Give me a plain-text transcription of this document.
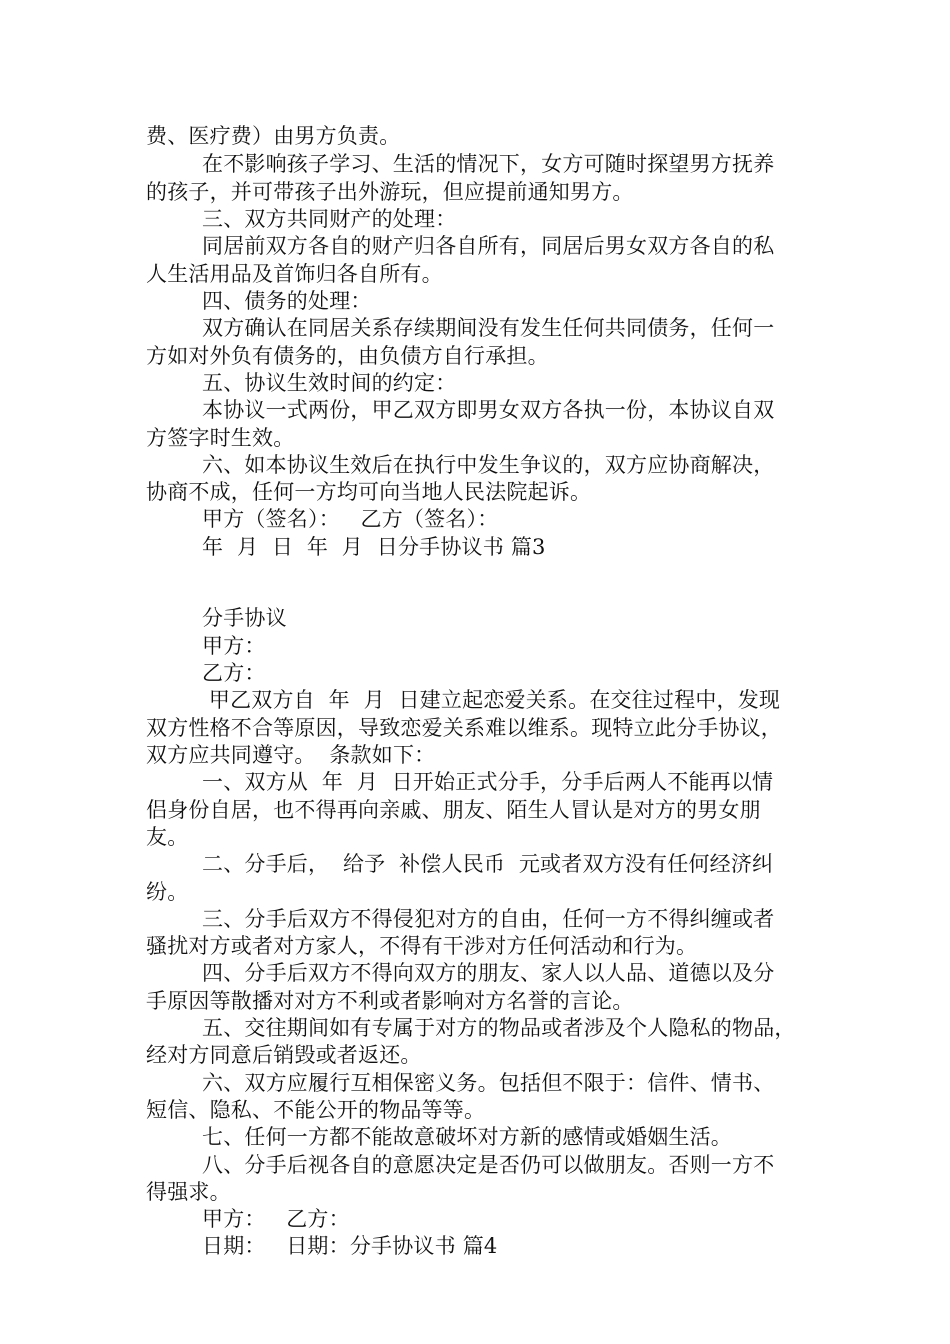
费、医疗费）由男方负责。
在不影响孩子学习、生活的情况下，女方可随时探望男方抚养
的孩子，并可带孩子出外游玩，但应提前通知男方。
三、双方共同财产的处理：
同居前双方各自的财产归各自所有，同居后男女双方各自的私
人生活用品及首饰归各自所有。
四、债务的处理：
双方确认在同居关系存续期间没有发生任何共同债务，任何一
方如对外负有债务的，由负债方自行承担。
五、协议生效时间的约定：
本协议一式两份，甲乙双方即男女双方各执一份，本协议自双
方签字时生效。
六、如本协议生效后在执行中发生争议的，双方应协商解决，
协商不成，任何一方均可向当地人民法院起诉。
甲方（签名）：   乙方（签名）：
年  月  日  年  月  日分手协议书 篇3
分手协议
甲方：
乙方：
甲乙双方自  年  月  日建立起恋爱关系。在交往过程中，发现
双方性格不合等原因，导致恋爱关系难以维系。现特立此分手协议，
双方应共同遵守。  条款如下：
一、双方从  年  月  日开始正式分手，分手后两人不能再以情
侣身份自居，也不得再向亲戚、朋友、陌生人冒认是对方的男女朋
友。
二、分手后，  给予  补偿人民币  元或者双方没有任何经济纠
纷。
三、分手后双方不得侵犯对方的自由，任何一方不得纠缠或者
骚扰对方或者对方家人，不得有干涉对方任何活动和行为。
四、分手后双方不得向双方的朋友、家人以人品、道德以及分
手原因等散播对对方不利或者影响对方名誉的言论。
五、交往期间如有专属于对方的物品或者涉及个人隐私的物品，
经对方同意后销毁或者返还。
六、双方应履行互相保密义务。包括但不限于：信件、情书、
短信、隐私、不能公开的物品等等。
七、任何一方都不能故意破坏对方新的感情或婚姻生活。
八、分手后视各自的意愿决定是否仍可以做朋友。否则一方不
得强求。
甲方：   乙方：
日期：   日期：分手协议书 篇4
